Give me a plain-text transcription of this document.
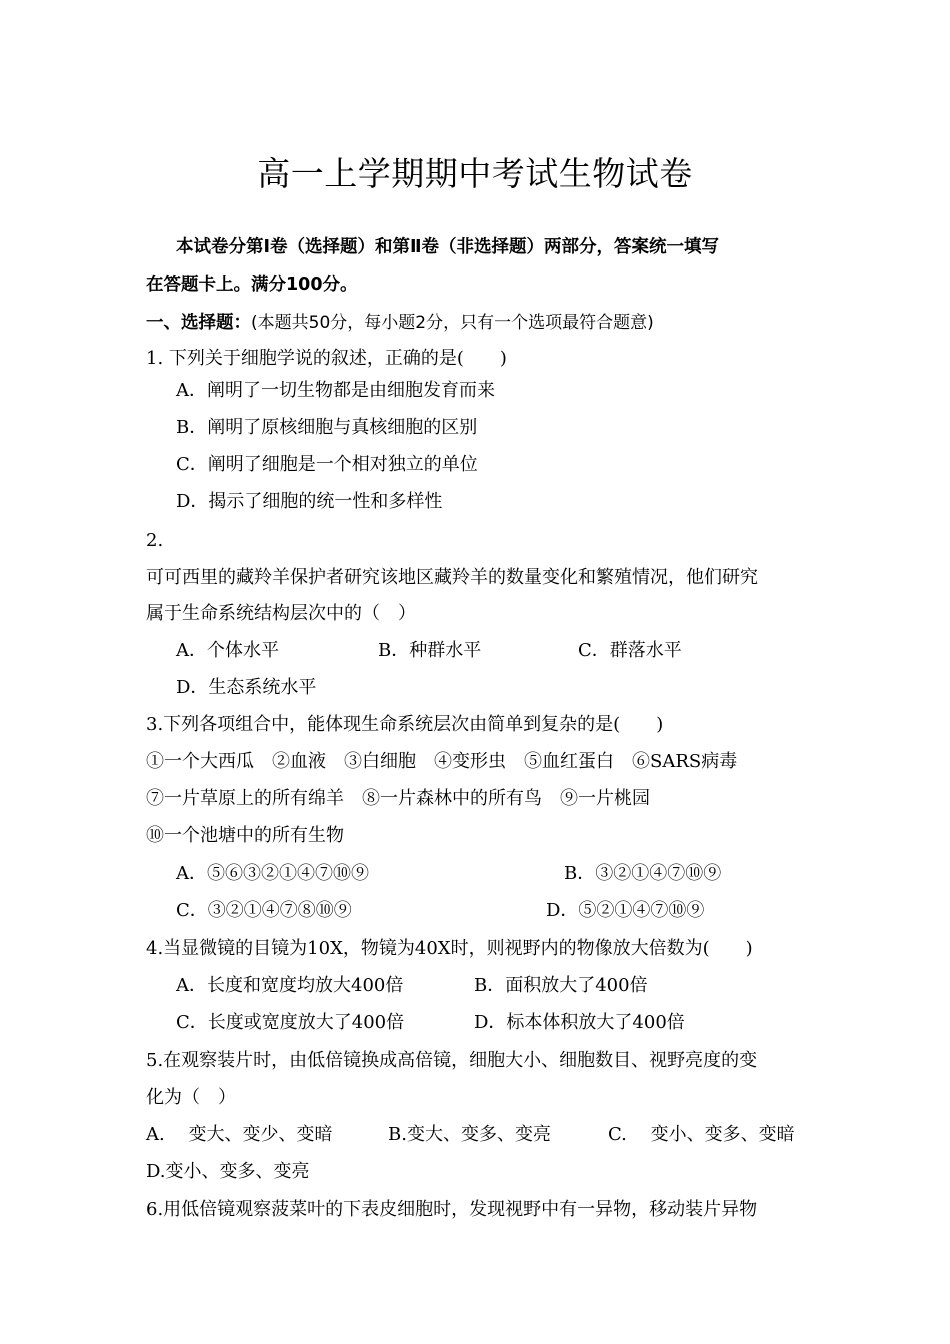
高一上学期期中考试生物试卷
本试卷分第Ⅰ卷（选择题）和第Ⅱ卷（非选择题）两部分，答案统一填写
在答题卡上。满分100分。
一、选择题：(本题共50分，每小题2分，只有一个选项最符合题意)
1. 下列关于细胞学说的叙述，正确的是(　　)
A．阐明了一切生物都是由细胞发育而来
B．阐明了原核细胞与真核细胞的区别
C．阐明了细胞是一个相对独立的单位
D．揭示了细胞的统一性和多样性
2.
可可西里的藏羚羊保护者研究该地区藏羚羊的数量变化和繁殖情况，他们研究
属于生命系统结构层次中的（　）
A．个体水平	B．种群水平	C．群落水平
D．生态系统水平
3.下列各项组合中，能体现生命系统层次由简单到复杂的是(　　)
①一个大西瓜　②血液　③白细胞　④变形虫　⑤血红蛋白　⑥SARS病毒
⑦一片草原上的所有绵羊　⑧一片森林中的所有鸟　⑨一片桃园
⑩一个池塘中的所有生物
A．⑤⑥③②①④⑦⑩⑨	B．③②①④⑦⑩⑨
C．③②①④⑦⑧⑩⑨	D．⑤②①④⑦⑩⑨
4.当显微镜的目镜为10X，物镜为40X时，则视野内的物像放大倍数为(　　)
A．长度和宽度均放大400倍	B．面积放大了400倍
C．长度或宽度放大了400倍	D．标本体积放大了400倍
5.在观察装片时，由低倍镜换成高倍镜，细胞大小、细胞数目、视野亮度的变
化为（　）
A.　 变大、变少、变暗	B.变大、变多、变亮	C.　 变小、变多、变暗
D.变小、变多、变亮
6.用低倍镜观察菠菜叶的下表皮细胞时，发现视野中有一异物，移动装片异物
